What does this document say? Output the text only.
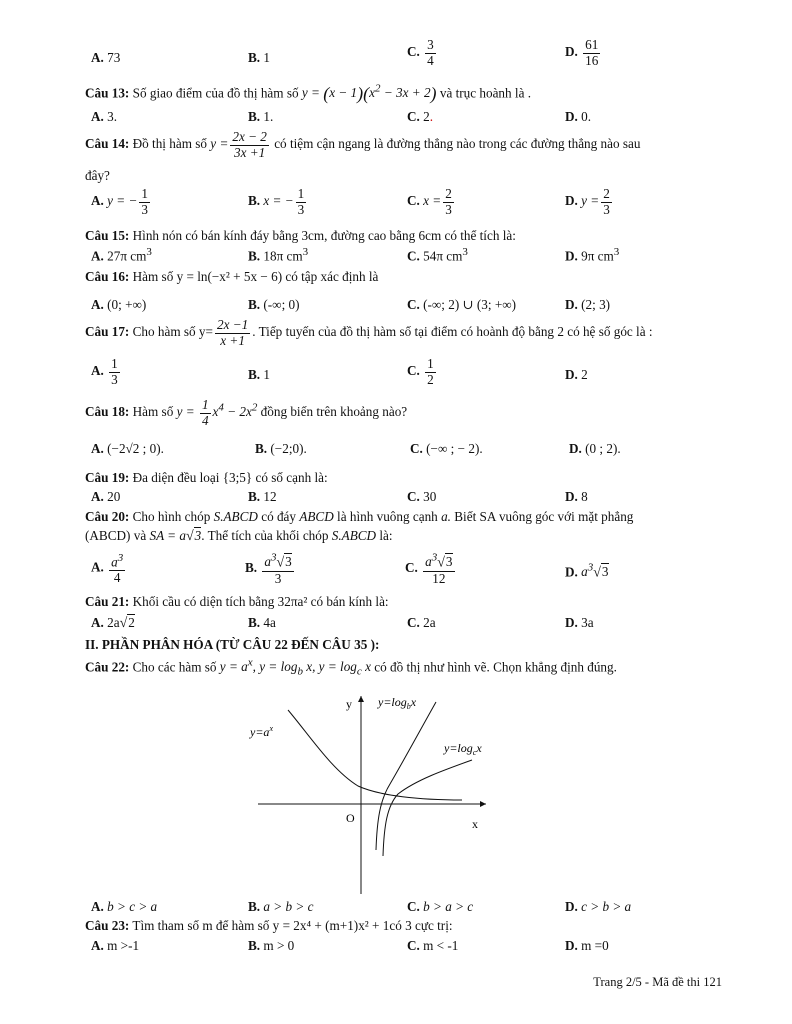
A. 73	B. 1	C. $\frac{3}{4}$	D. $\frac{61}{16}$
Câu 13: Số giao điểm của đồ thị hàm số $y = (x - 1)(x^2 - 3x + 2)$ và trục hoành là .
A. 3.	B. 1.	C. 2.	D. 0.
Câu 14: Đồ thị hàm số $y = \frac{2x - 2}{3x +1}$ có tiệm cận ngang là đường thẳng nào trong các đường thẳng nào sau
đây?
A. y = − $\frac{1}{3}$	B. x = − $\frac{1}{3}$	C. $x = \frac{2}{3}$	D. $y = \frac{2}{3}$
Câu 15: Hình nón có bán kính đáy bằng 3cm, đường cao bằng 6cm có thể tích là:
A. 27π $cm^3$	B. 18π $cm^3$	C. 54π $cm^3$	D. 9π $cm^3$
Câu 16: Hàm số y = ln(−x² + 5x − 6) có tập xác định là
A. (0; +∞)	B. (-∞; 0)	C. (-∞; 2) ∪ (3; +∞)	D. (2; 3)
Câu 17: Cho hàm số $y= \frac{2x -1}{x +1}$ . Tiếp tuyến của đồ thị hàm số tại điểm có hoành độ bằng 2 có hệ số góc là :
A. $\frac{1}{3}$	B. 1	C. $\frac{1}{2}$	D. 2
Câu 18: Hàm số $y = \frac{1}{4} x^4 - 2x^2$ đồng biến trên khoảng nào?
A. (−2√2 ; 0).	B. (−2;0).	C. (−∞ ; − 2).	D. (0 ; 2).
Câu 19: Đa diện đều loại {3;5} có số cạnh là:
A. 20	B. 12	C. 30	D. 8
Câu 20: Cho hình chóp S.ABCD có đáy ABCD là hình vuông cạnh a. Biết SA vuông góc với mặt phẳng
(ABCD) và SA = a√3. Thể tích của khối chóp S.ABCD là:
A. $\frac{a^3}{4}$	B. $\frac{a^3√3}{3}$	C. $\frac{a^3√3}{12}$	D. $a^3√3$
Câu 21: Khối cầu có diện tích bằng 32πa² có bán kính là:
A. 2a√2	B. 4a	C. 2a	D. 3a
II. PHẦN PHÂN HÓA (TỪ CÂU 22 ĐẾN CÂU 35 ):
Câu 22: Cho các hàm số $y = a^x$, $y = \log_b x$, $y = \log_c x$ có đồ thị như hình vẽ. Chọn khẳng định đúng.
$y=a^x$
$y=\log_bx$
$y=\log_cx$
y
x
O
A. b > c > a	B. a > b > c	C. b > a > c	D. c > b > a
Câu 23: Tìm tham số m để hàm số y = 2x⁴ + (m+1)x² + 1có 3 cực trị:
A. m >-1	B. m > 0	C. m < -1	D. m =0
Trang 2/5 - Mã đề thi 121
